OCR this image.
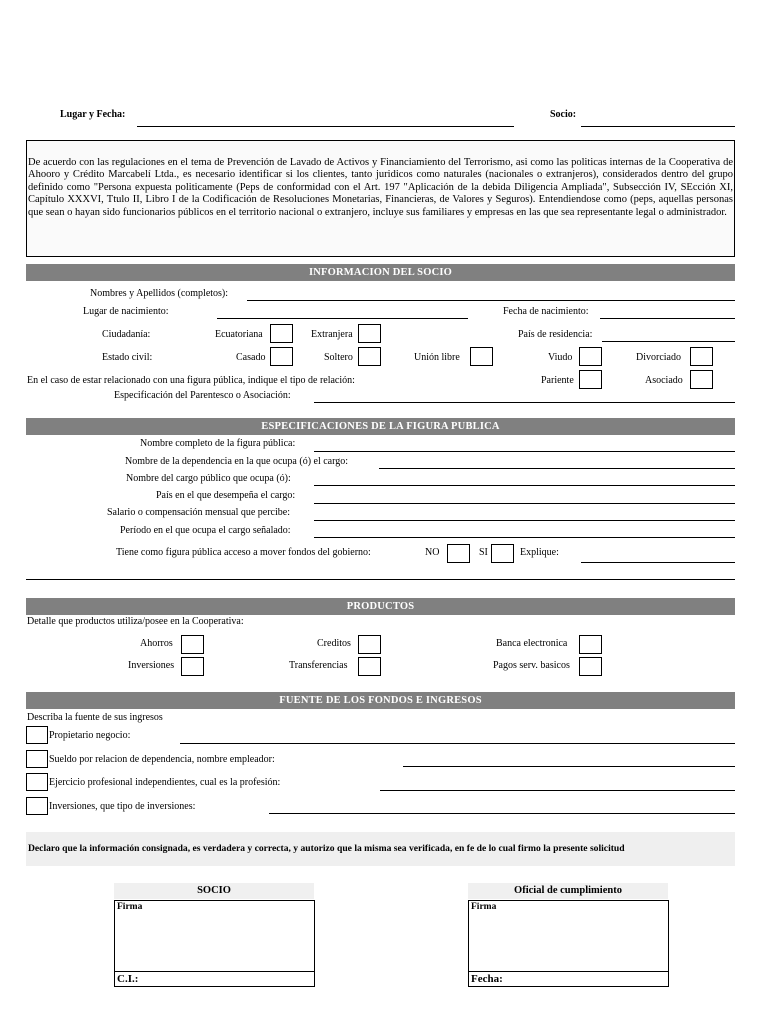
Lugar y Fecha:	Socio:

De acuerdo con las regulaciones en el tema de Prevención de Lavado de Activos y Financiamiento del Terrorismo, asi como las politicas internas de la Cooperativa de Ahooro y Crédito Marcabelí Ltda., es necesario identificar si los clientes, tanto juridicos como naturales (nacionales o extranjeros), considerados dentro del grupo definido como "Persona expuesta politicamente (Peps de conformidad con el Art. 197 "Aplicación de la debida Diligencia Ampliada", Subsección IV, SEcción XI, Capítulo XXXVI, Ttulo II, Libro I de la Codificación de Resoluciones Monetarias, Financieras, de Valores y Seguros). Entendiendose como (peps, aquellas personas que sean o hayan sido funcionarios públicos en el territorio nacional o extranjero, incluye sus familiares y empresas en las que sea representante legal o administrador.

INFORMACION DEL SOCIO
Nombres y Apellidos (completos):
Lugar de nacimiento:	Fecha de nacimiento:
Ciudadanía:	Ecuatoriana	Extranjera	País de residencia:
Estado civil:	Casado	Soltero	Unión libre	Viudo	Divorciado
En el caso de estar relacionado con una figura pública, indique el tipo de relación:	Pariente	Asociado
Especificación del Parentesco o Asociación:
ESPECIFICACIONES DE LA FIGURA PUBLICA
Nombre completo de la figura pública:
Nombre de la dependencia en la que ocupa (ó) el cargo:
Nombre del cargo público que ocupa (ó):
País en el que desempeña el cargo:
Salario o compensación mensual que percibe:
Período en el que ocupa el cargo señalado:
Tiene como figura pública acceso a mover fondos del gobierno:	NO	SI	Explique:
PRODUCTOS
Detalle que productos utiliza/posee en la Cooperativa:
Ahorros	Creditos	Banca electronica
Inversiones	Transferencias	Pagos serv. basicos
FUENTE DE LOS FONDOS E INGRESOS
Describa la fuente de sus ingresos
Propietario negocio:
Sueldo por relacion de dependencia, nombre empleador:
Ejercicio profesional independientes, cual es la profesión:
Inversiones, que tipo de inversiones:
Declaro que la información consignada, es verdadera y correcta, y autorizo que la misma sea verificada, en fe de lo cual firmo la presente solicitud
SOCIO
Firma
C.I.:
Oficial de cumplimiento
Firma
Fecha:
